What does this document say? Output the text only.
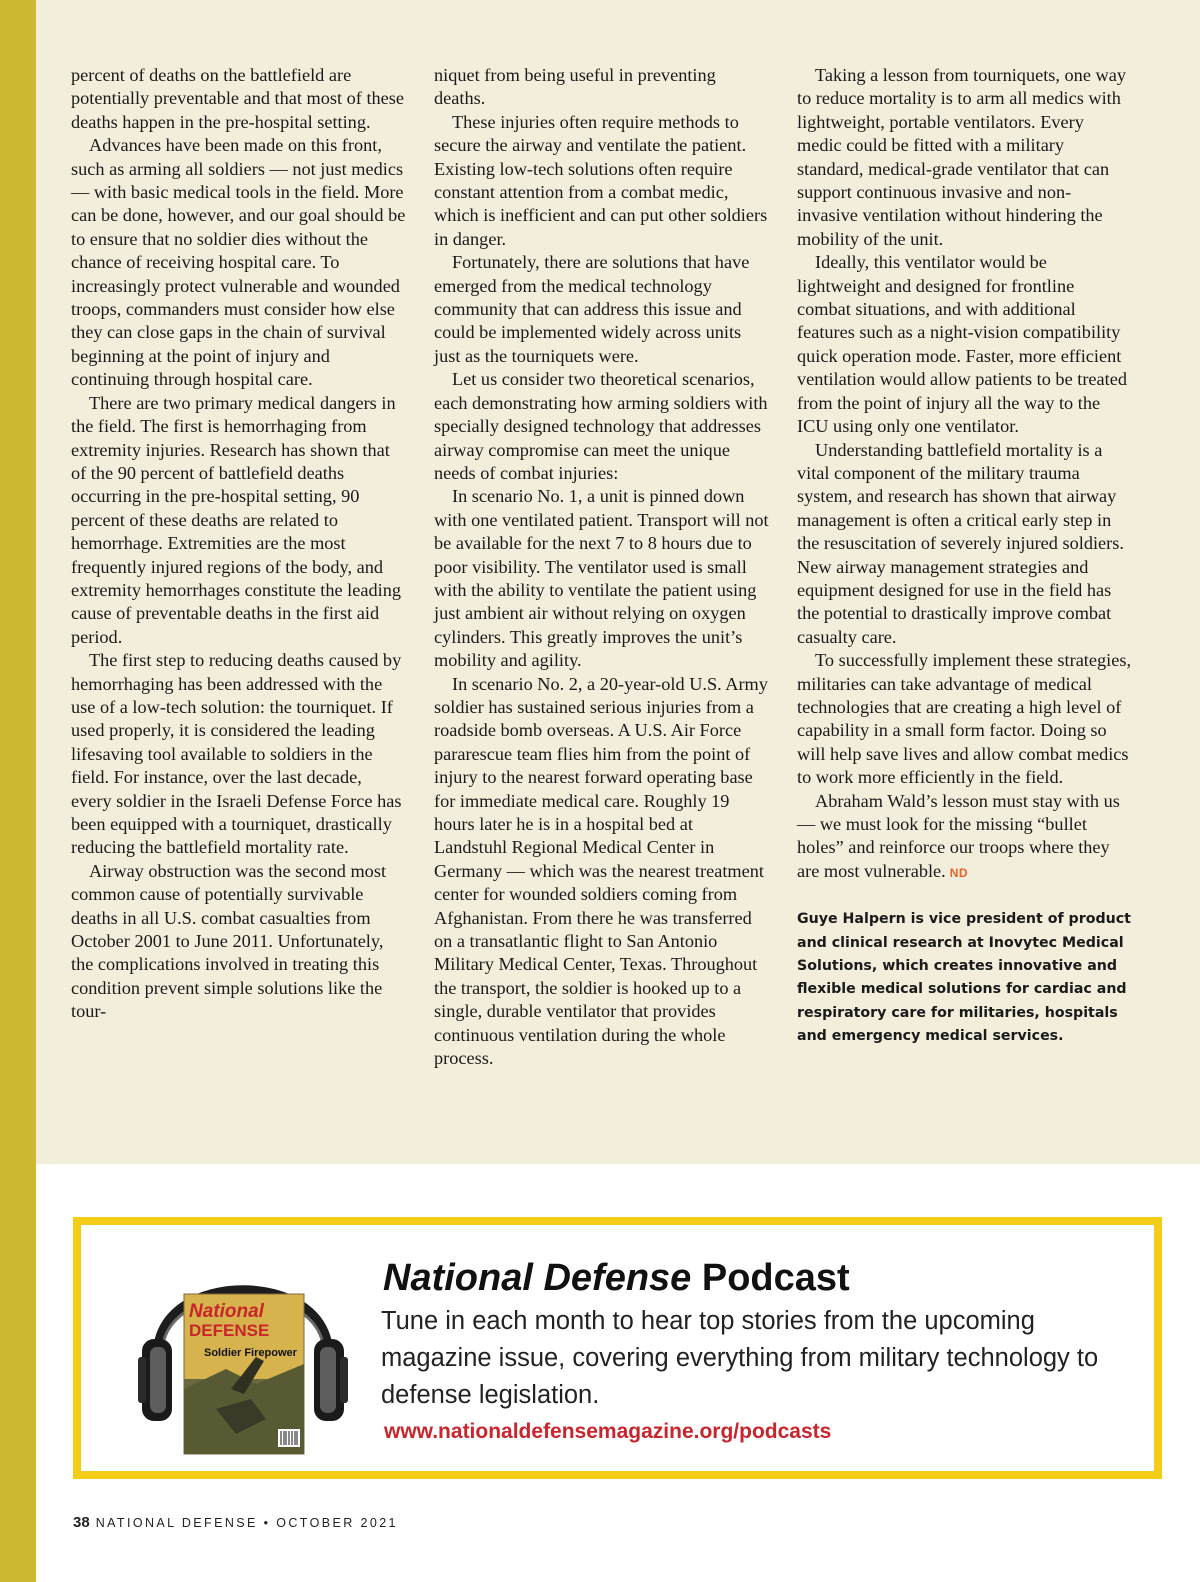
percent of deaths on the battlefield are potentially preventable and that most of these deaths happen in the pre-hospital setting.

Advances have been made on this front, such as arming all soldiers — not just medics — with basic medical tools in the field. More can be done, however, and our goal should be to ensure that no soldier dies without the chance of receiving hospital care. To increasingly protect vulnerable and wounded troops, commanders must consider how else they can close gaps in the chain of survival beginning at the point of injury and continuing through hospital care.

There are two primary medical dangers in the field. The first is hemorrhaging from extremity injuries. Research has shown that of the 90 percent of battlefield deaths occurring in the pre-hospital setting, 90 percent of these deaths are related to hemorrhage. Extremities are the most frequently injured regions of the body, and extremity hemorrhages constitute the leading cause of preventable deaths in the first aid period.

The first step to reducing deaths caused by hemorrhaging has been addressed with the use of a low-tech solution: the tourniquet. If used properly, it is considered the leading lifesaving tool available to soldiers in the field. For instance, over the last decade, every soldier in the Israeli Defense Force has been equipped with a tourniquet, drastically reducing the battlefield mortality rate.

Airway obstruction was the second most common cause of potentially survivable deaths in all U.S. combat casualties from October 2001 to June 2011. Unfortunately, the complications involved in treating this condition prevent simple solutions like the tour-

niquet from being useful in preventing deaths.

These injuries often require methods to secure the airway and ventilate the patient. Existing low-tech solutions often require constant attention from a combat medic, which is inefficient and can put other soldiers in danger.

Fortunately, there are solutions that have emerged from the medical technology community that can address this issue and could be implemented widely across units just as the tourniquets were.

Let us consider two theoretical scenarios, each demonstrating how arming soldiers with specially designed technology that addresses airway compromise can meet the unique needs of combat injuries:

In scenario No. 1, a unit is pinned down with one ventilated patient. Transport will not be available for the next 7 to 8 hours due to poor visibility. The ventilator used is small with the ability to ventilate the patient using just ambient air without relying on oxygen cylinders. This greatly improves the unit’s mobility and agility.

In scenario No. 2, a 20-year-old U.S. Army soldier has sustained serious injuries from a roadside bomb overseas. A U.S. Air Force pararescue team flies him from the point of injury to the nearest forward operating base for immediate medical care. Roughly 19 hours later he is in a hospital bed at Landstuhl Regional Medical Center in Germany — which was the nearest treatment center for wounded soldiers coming from Afghanistan. From there he was transferred on a transatlantic flight to San Antonio Military Medical Center, Texas. Throughout the transport, the soldier is hooked up to a single, durable ventilator that provides continuous ventilation during the whole process.

Taking a lesson from tourniquets, one way to reduce mortality is to arm all medics with lightweight, portable ventilators. Every medic could be fitted with a military standard, medical-grade ventilator that can support continuous invasive and non-invasive ventilation without hindering the mobility of the unit.

Ideally, this ventilator would be lightweight and designed for frontline combat situations, and with additional features such as a night-vision compatibility quick operation mode. Faster, more efficient ventilation would allow patients to be treated from the point of injury all the way to the ICU using only one ventilator.

Understanding battlefield mortality is a vital component of the military trauma system, and research has shown that airway management is often a critical early step in the resuscitation of severely injured soldiers. New airway management strategies and equipment designed for use in the field has the potential to drastically improve combat casualty care.

To successfully implement these strategies, militaries can take advantage of medical technologies that are creating a high level of capability in a small form factor. Doing so will help save lives and allow combat medics to work more efficiently in the field.

Abraham Wald’s lesson must stay with us — we must look for the missing “bullet holes” and reinforce our troops where they are most vulnerable. ND

Guye Halpern is vice president of product and clinical research at Inovytec Medical Solutions, which creates innovative and flexible medical solutions for cardiac and respiratory care for militaries, hospitals and emergency medical services.
National
DEFENSE
Soldier Firepower
National Defense Podcast

Tune in each month to hear top stories from the upcoming magazine issue, covering everything from military technology to defense legislation.

www.nationaldefensemagazine.org/podcasts
38 NATIONAL DEFENSE • OCTOBER 2021
